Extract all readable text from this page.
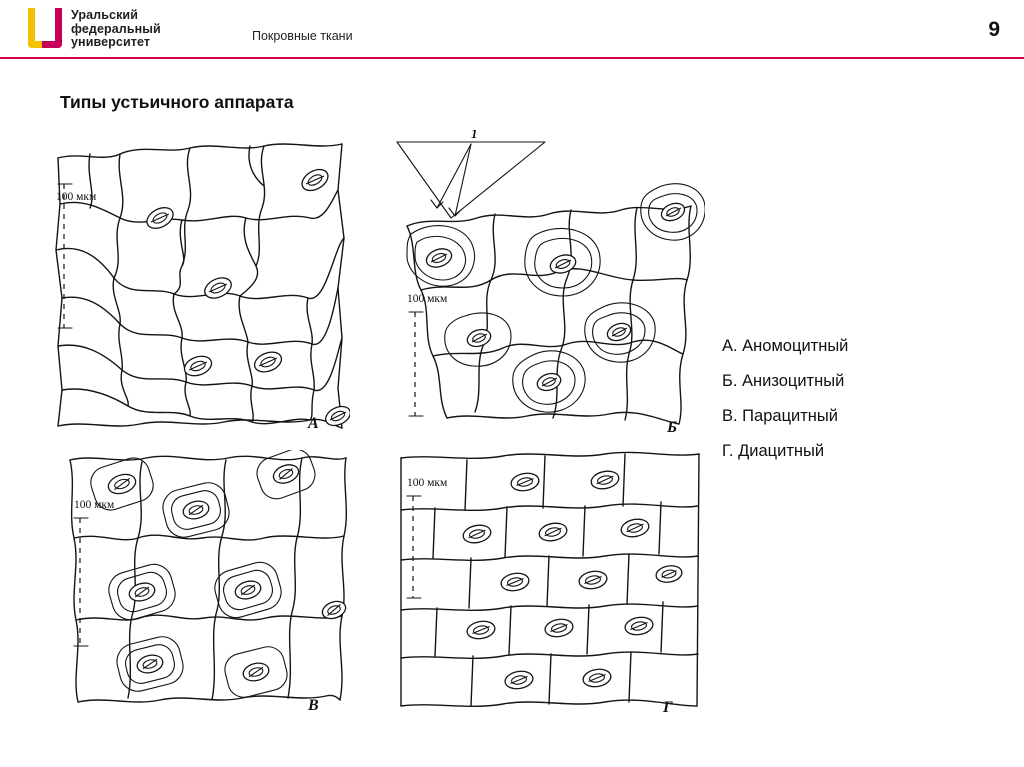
Уральский
федеральный
университет	Покровные ткани	9
Типы устьичного аппарата
А. Аномоцитный
Б. Анизоцитный
В. Парацитный
Г. Диацитный
100 мкм
А
1
100 мкм
Б
100 мкм
В
100 мкм
Г
